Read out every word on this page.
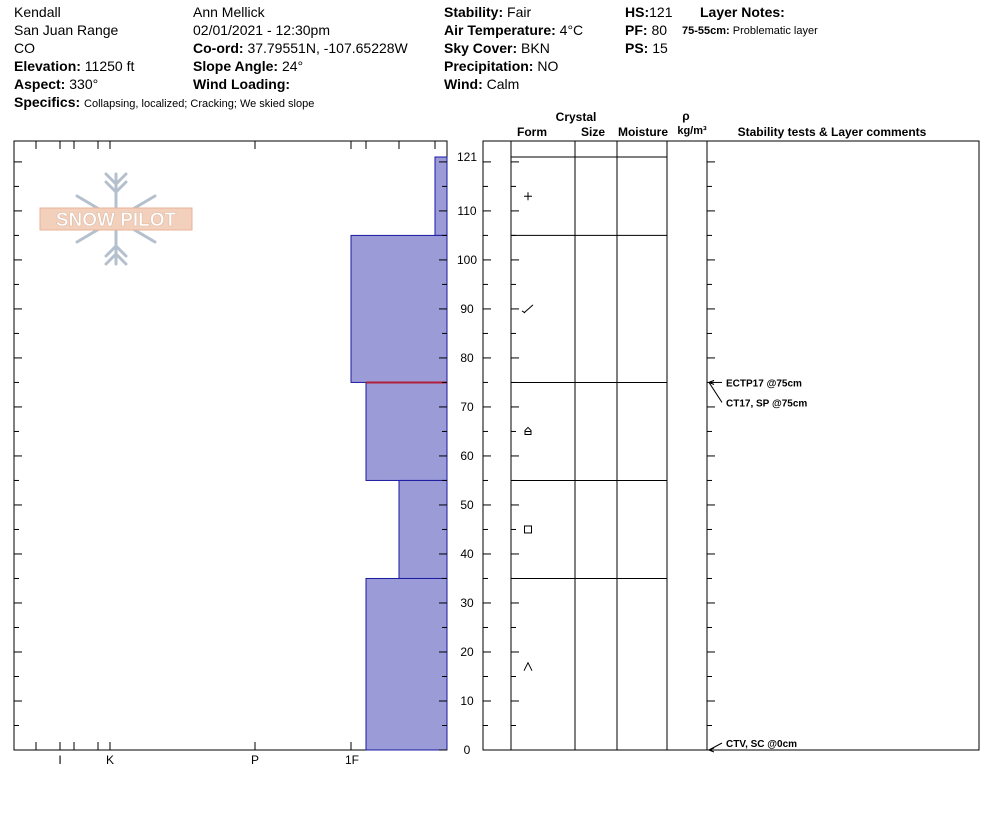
Kendall
San Juan Range
CO
Elevation: 11250 ft
Aspect: 330°
Specifics: Collapsing, localized; Cracking; We skied slope
Ann Mellick
02/01/2021 - 12:30pm
Co-ord: 37.79551N, -107.65228W
Slope Angle: 24°
Wind Loading:
Stability: Fair
Air Temperature: 4°C
Sky Cover: BKN
Precipitation: NO
Wind: Calm
HS:121
PF: 80
PS: 15
Layer Notes:
75-55cm: Problematic layer
SNOW PILOT
I	K	P	1F
0
10
20
30
40
50
60
70
80
90
100
110
121
ECTP17 @75cm
CT17, SP @75cm
CTV, SC @0cm
Crystal
Form	Size Moisture
ρ
kg/m³	Stability tests & Layer comments
